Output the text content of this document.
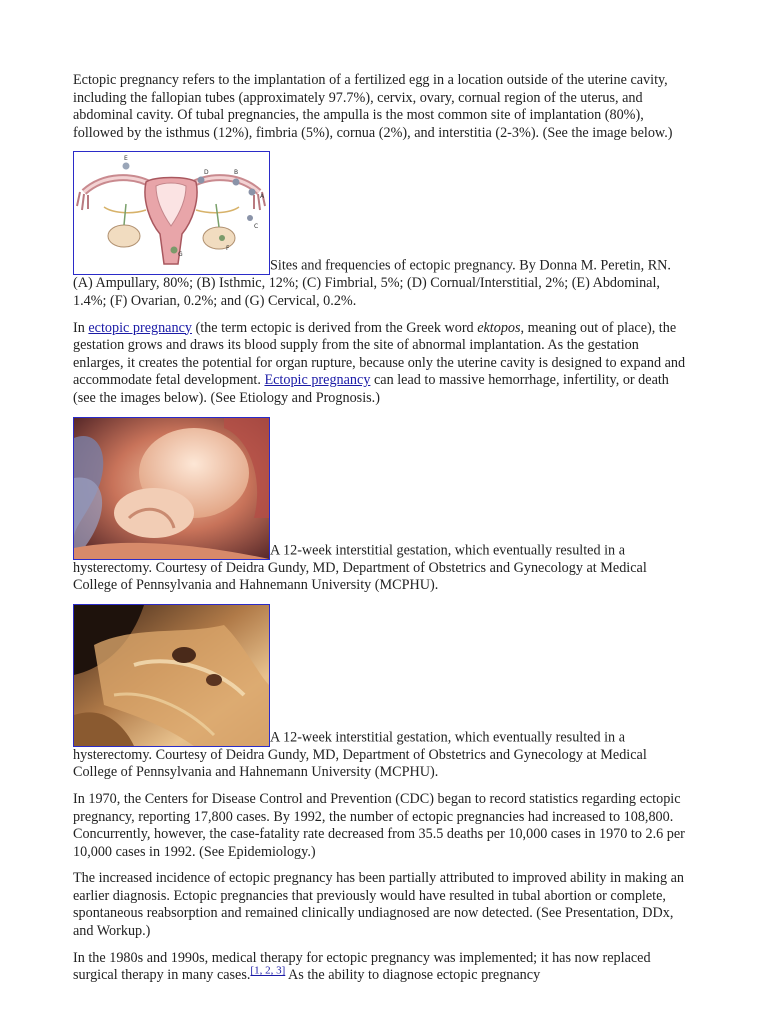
Ectopic pregnancy refers to the implantation of a fertilized egg in a location outside of the uterine cavity, including the fallopian tubes (approximately 97.7%), cervix, ovary, cornual region of the uterus, and abdominal cavity. Of tubal pregnancies, the ampulla is the most common site of implantation (80%), followed by the isthmus (12%), fimbria (5%), cornua (2%), and interstitia (2-3%). (See the image below.)

E
D	B
A
C
F
G
Sites and frequencies of ectopic pregnancy. By Donna M. Peretin, RN. (A) Ampullary, 80%; (B) Isthmic, 12%; (C) Fimbrial, 5%; (D) Cornual/Interstitial, 2%; (E) Abdominal, 1.4%; (F) Ovarian, 0.2%; and (G) Cervical, 0.2%.

In ectopic pregnancy (the term ectopic is derived from the Greek word ektopos, meaning out of place), the gestation grows and draws its blood supply from the site of abnormal implantation. As the gestation enlarges, it creates the potential for organ rupture, because only the uterine cavity is designed to expand and accommodate fetal development. Ectopic pregnancy can lead to massive hemorrhage, infertility, or death (see the images below). (See Etiology and Prognosis.)

A 12-week interstitial gestation, which eventually resulted in a hysterectomy. Courtesy of Deidra Gundy, MD, Department of Obstetrics and Gynecology at Medical College of Pennsylvania and Hahnemann University (MCPHU).
A 12-week interstitial gestation, which eventually resulted in a hysterectomy. Courtesy of Deidra Gundy, MD, Department of Obstetrics and Gynecology at Medical College of Pennsylvania and Hahnemann University (MCPHU).

In 1970, the Centers for Disease Control and Prevention (CDC) began to record statistics regarding ectopic pregnancy, reporting 17,800 cases. By 1992, the number of ectopic pregnancies had increased to 108,800. Concurrently, however, the case-fatality rate decreased from 35.5 deaths per 10,000 cases in 1970 to 2.6 per 10,000 cases in 1992. (See Epidemiology.)

The increased incidence of ectopic pregnancy has been partially attributed to improved ability in making an earlier diagnosis. Ectopic pregnancies that previously would have resulted in tubal abortion or complete, spontaneous reabsorption and remained clinically undiagnosed are now detected. (See Presentation, DDx, and Workup.)

In the 1980s and 1990s, medical therapy for ectopic pregnancy was implemented; it has now replaced surgical therapy in many cases.[1, 2, 3] As the ability to diagnose ectopic pregnancy
